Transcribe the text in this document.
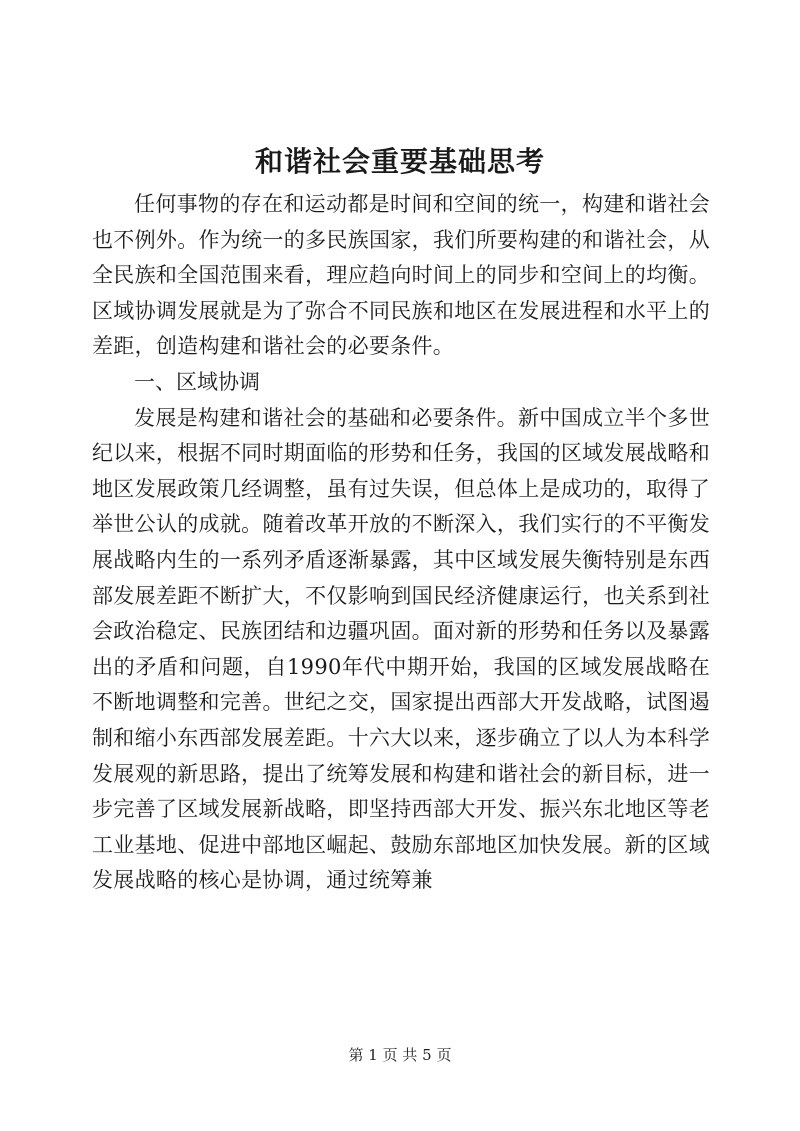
和谐社会重要基础思考

任何事物的存在和运动都是时间和空间的统一，构建和谐社会也不例外。作为统一的多民族国家，我们所要构建的和谐社会，从全民族和全国范围来看，理应趋向时间上的同步和空间上的均衡。区域协调发展就是为了弥合不同民族和地区在发展进程和水平上的差距，创造构建和谐社会的必要条件。

一、区域协调

发展是构建和谐社会的基础和必要条件。新中国成立半个多世纪以来，根据不同时期面临的形势和任务，我国的区域发展战略和地区发展政策几经调整，虽有过失误，但总体上是成功的，取得了举世公认的成就。随着改革开放的不断深入，我们实行的不平衡发展战略内生的一系列矛盾逐渐暴露，其中区域发展失衡特别是东西部发展差距不断扩大，不仅影响到国民经济健康运行，也关系到社会政治稳定、民族团结和边疆巩固。面对新的形势和任务以及暴露出的矛盾和问题，自1990年代中期开始，我国的区域发展战略在不断地调整和完善。世纪之交，国家提出西部大开发战略，试图遏制和缩小东西部发展差距。十六大以来，逐步确立了以人为本科学发展观的新思路，提出了统筹发展和构建和谐社会的新目标，进一步完善了区域发展新战略，即坚持西部大开发、振兴东北地区等老工业基地、促进中部地区崛起、鼓励东部地区加快发展。新的区域发展战略的核心是协调，通过统筹兼

第 1 页 共 5 页
